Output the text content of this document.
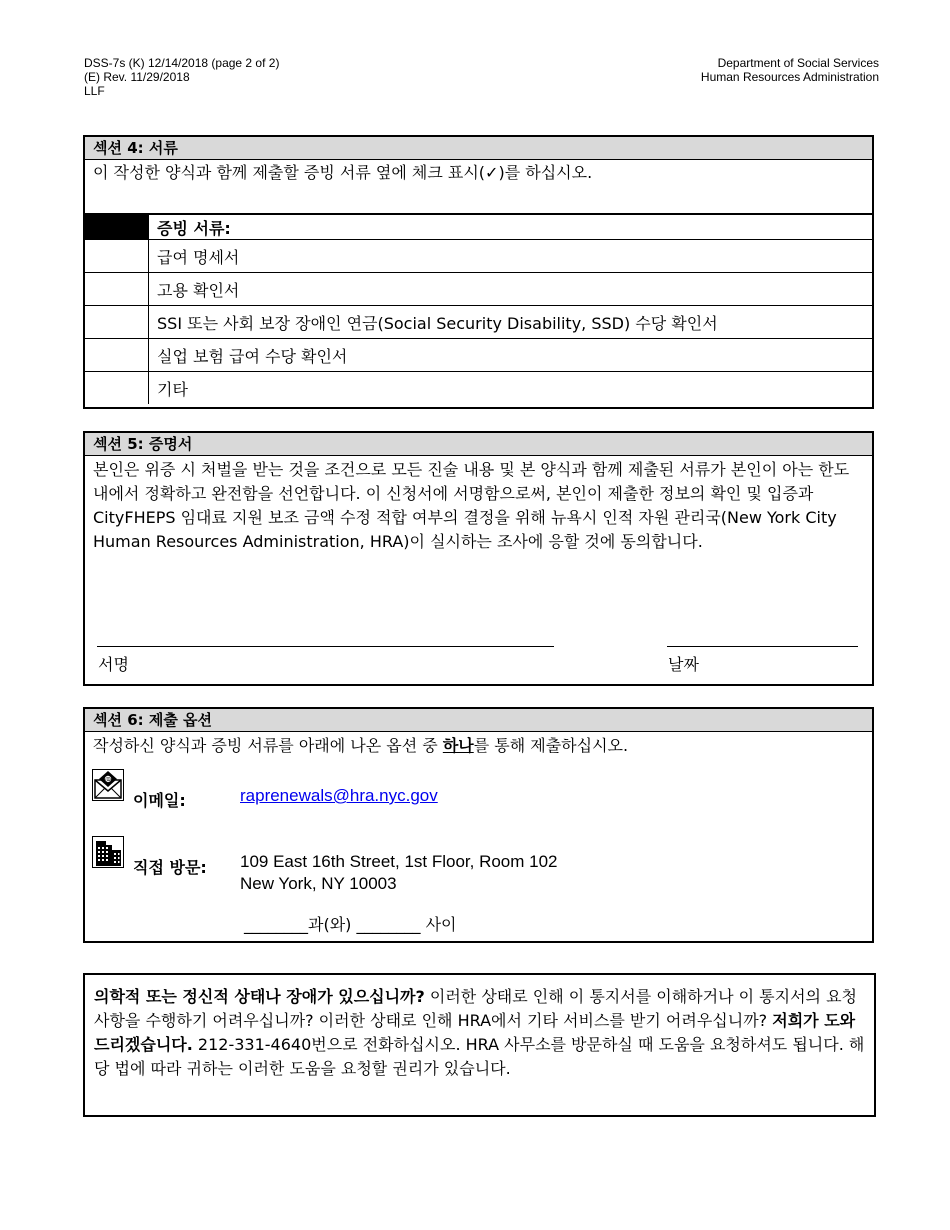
DSS-7s (K) 12/14/2018 (page 2 of 2)
(E) Rev. 11/29/2018
LLF
Department of Social Services
Human Resources Administration
섹션 4: 서류
이 작성한 양식과 함께 제출할 증빙 서류 옆에 체크 표시(✓)를 하십시오.
	증빙 서류:
	급여 명세서
	고용 확인서
	SSI 또는 사회 보장 장애인 연금(Social Security Disability, SSD) 수당 확인서
	실업 보험 급여 수당 확인서
	기타
섹션 5: 증명서
본인은 위증 시 처벌을 받는 것을 조건으로 모든 진술 내용 및 본 양식과 함께 제출된 서류가 본인이 아는 한도 내에서 정확하고 완전함을 선언합니다. 이 신청서에 서명함으로써, 본인이 제출한 정보의 확인 및 입증과 CityFHEPS 임대료 지원 보조 금액 수정 적합 여부의 결정을 위해 뉴욕시 인적 자원 관리국(New York City Human Resources Administration, HRA)이 실시하는 조사에 응할 것에 동의합니다.
서명	날짜
섹션 6: 제출 옵션
작성하신 양식과 증빙 서류를 아래에 나온 옵션 중 하나를 통해 제출하십시오.
@
이메일:	raprenewals@hra.nyc.gov
직접 방문: 109 East 16th Street, 1st Floor, Room 102
New York, NY 10003
________과(와) ________ 사이
의학적 또는 정신적 상태나 장애가 있으십니까? 이러한 상태로 인해 이 통지서를 이해하거나 이 통지서의 요청 사항을 수행하기 어려우십니까? 이러한 상태로 인해 HRA에서 기타 서비스를 받기 어려우십니까? 저희가 도와 드리겠습니다. 212-331-4640번으로 전화하십시오. HRA 사무소를 방문하실 때 도움을 요청하셔도 됩니다. 해당 법에 따라 귀하는 이러한 도움을 요청할 권리가 있습니다.
